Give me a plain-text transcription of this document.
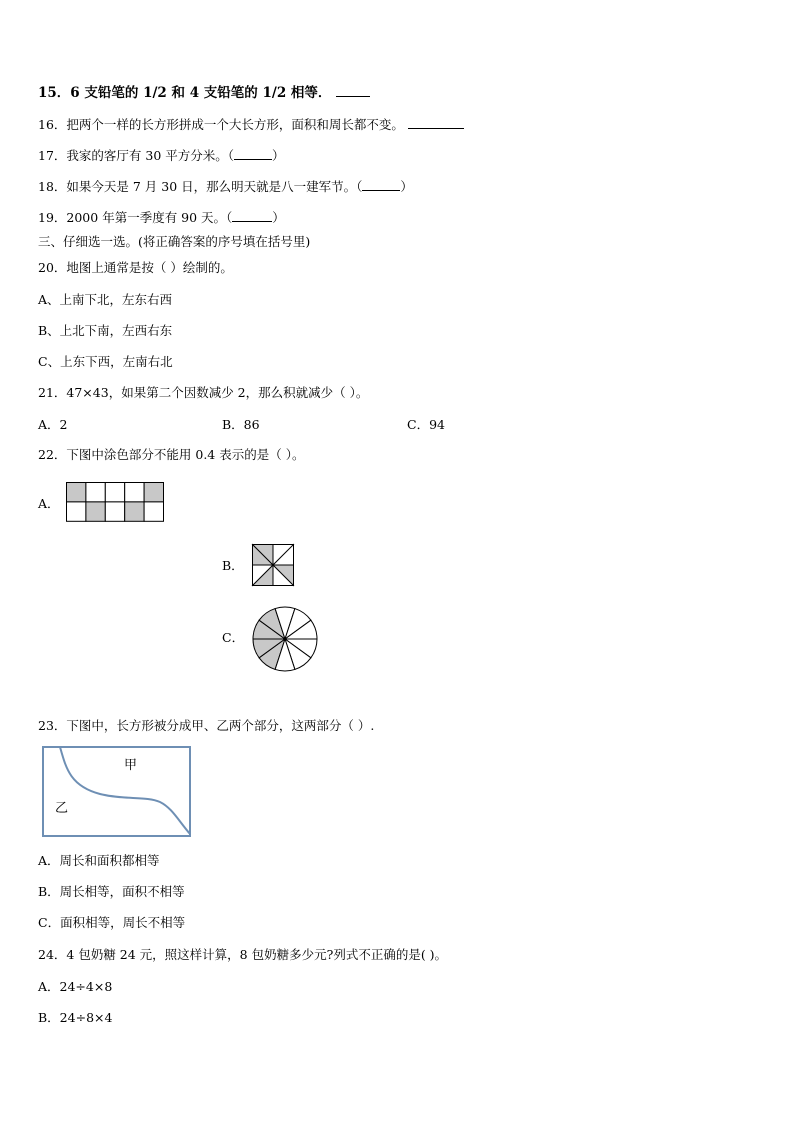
15．6 支铅笔的 1/2 和 4 支铅笔的 1/2 相等．
16．把两个一样的长方形拼成一个大长方形，面积和周长都不变。
17．我家的客厅有 30 平方分米。（	）
18．如果今天是 7 月 30 日，那么明天就是八一建军节。（	）
19．2000 年第一季度有 90 天。（	）
三、仔细选一选。(将正确答案的序号填在括号里)
20．地图上通常是按（ ）绘制的。
A、上南下北，左东右西
B、上北下南，左西右东
C、上东下西，左南右北
21．47×43，如果第二个因数减少 2，那么积就减少（ ）。
A．2	B．86	C．94
22．下图中涂色部分不能用 0.4 表示的是（ ）。
A．
B．
C．
23．下图中，长方形被分成甲、乙两个部分，这两部分（ ）.
甲
乙
A．周长和面积都相等
B．周长相等，面积不相等
C．面积相等，周长不相等
24．4 包奶糖 24 元，照这样计算，8 包奶糖多少元?列式不正确的是( )。
A．24÷4×8
B．24÷8×4
